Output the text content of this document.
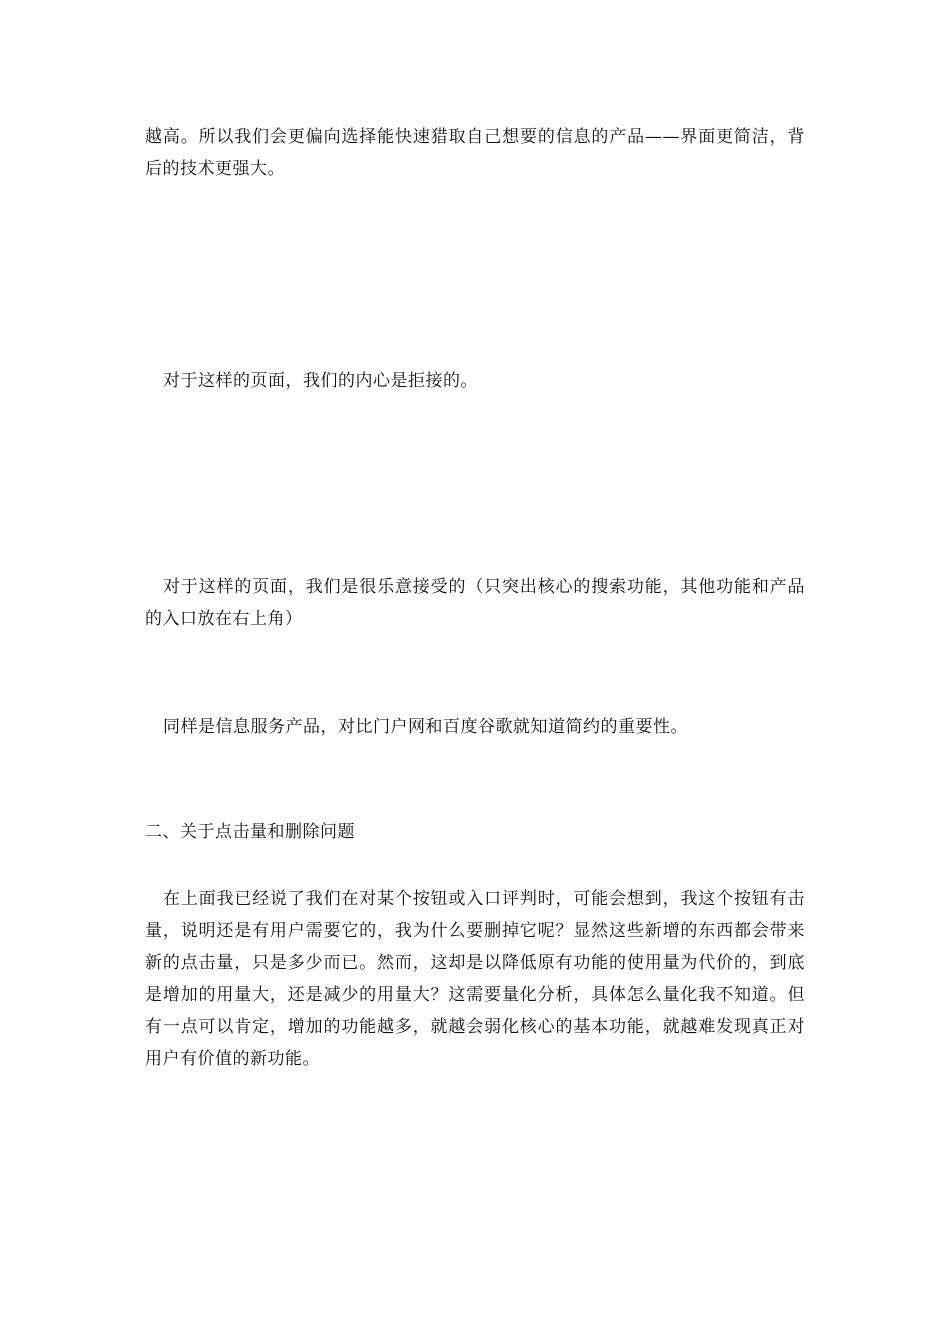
越高。所以我们会更偏向选择能快速猎取自己想要的信息的产品——界面更简洁，背后的技术更强大。

对于这样的页面，我们的内心是拒接的。

对于这样的页面，我们是很乐意接受的（只突出核心的搜索功能，其他功能和产品的入口放在右上角）

同样是信息服务产品，对比门户网和百度谷歌就知道简约的重要性。

二、关于点击量和删除问题

在上面我已经说了我们在对某个按钮或入口评判时，可能会想到，我这个按钮有击量，说明还是有用户需要它的，我为什么要删掉它呢？显然这些新增的东西都会带来新的点击量，只是多少而已。然而，这却是以降低原有功能的使用量为代价的，到底是增加的用量大，还是减少的用量大？这需要量化分析，具体怎么量化我不知道。但有一点可以肯定，增加的功能越多，就越会弱化核心的基本功能，就越难发现真正对用户有价值的新功能。
